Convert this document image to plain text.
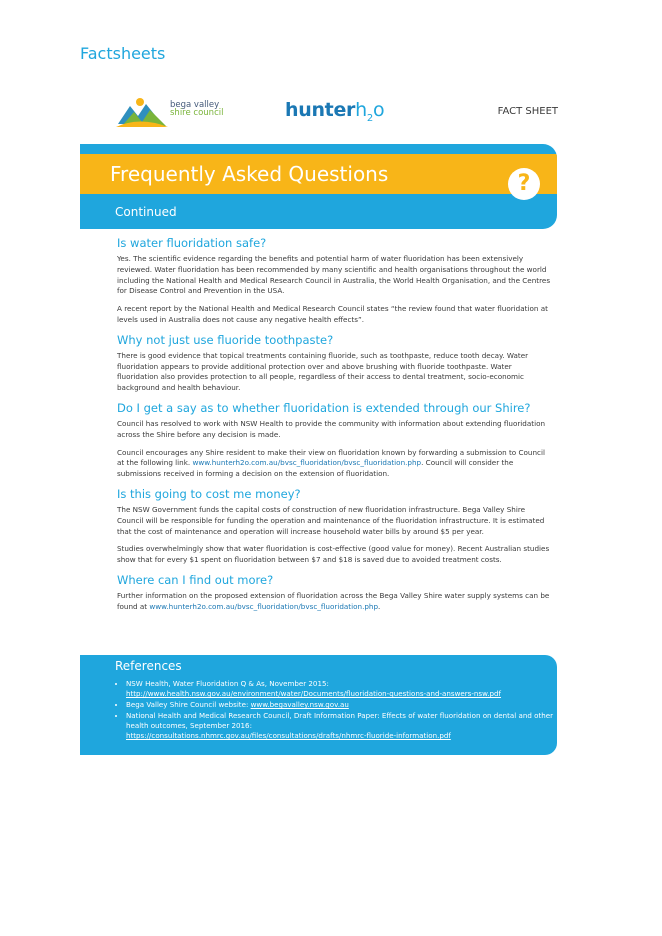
Factsheets
bega valley
shire council	hunterh$_2$o	FACT SHEET
Frequently Asked Questions	?
Continued
Is water fluoridation safe?

Yes. The scientific evidence regarding the benefits and potential harm of water fluoridation has been extensively reviewed. Water fluoridation has been recommended by many scientific and health organisations throughout the world including the National Health and Medical Research Council in Australia, the World Health Organisation, and the Centres for Disease Control and Prevention in the USA.

A recent report by the National Health and Medical Research Council states “the review found that water fluoridation at levels used in Australia does not cause any negative health effects”.

Why not just use fluoride toothpaste?

There is good evidence that topical treatments containing fluoride, such as toothpaste, reduce tooth decay. Water fluoridation appears to provide additional protection over and above brushing with fluoride toothpaste. Water fluoridation also provides protection to all people, regardless of their access to dental treatment, socio-economic background and health behaviour.

Do I get a say as to whether fluoridation is extended through our Shire?

Council has resolved to work with NSW Health to provide the community with information about extending fluoridation across the Shire before any decision is made.

Council encourages any Shire resident to make their view on fluoridation known by forwarding a submission to Council at the following link. www.hunterh2o.com.au/bvsc_fluoridation/bvsc_fluoridation.php. Council will consider the submissions received in forming a decision on the extension of fluoridation.

Is this going to cost me money?

The NSW Government funds the capital costs of construction of new fluoridation infrastructure. Bega Valley Shire Council will be responsible for funding the operation and maintenance of the fluoridation infrastructure. It is estimated that the cost of maintenance and operation will increase household water bills by around $5 per year.

Studies overwhelmingly show that water fluoridation is cost-effective (good value for money). Recent Australian studies show that for every $1 spent on fluoridation between $7 and $18 is saved due to avoided treatment costs.

Where can I find out more?

Further information on the proposed extension of fluoridation across the Bega Valley Shire water supply systems can be found at www.hunterh2o.com.au/bvsc_fluoridation/bvsc_fluoridation.php.

References
• NSW Health, Water Fluoridation Q & As, November 2015:
http://www.health.nsw.gov.au/environment/water/Documents/fluoridation-questions-and-answers-nsw.pdf
• Bega Valley Shire Council website: www.begavalley.nsw.gov.au
• National Health and Medical Research Council, Draft Information Paper: Effects of water fluoridation on dental and other health outcomes, September 2016:
https://consultations.nhmrc.gov.au/files/consultations/drafts/nhmrc-fluoride-information.pdf
